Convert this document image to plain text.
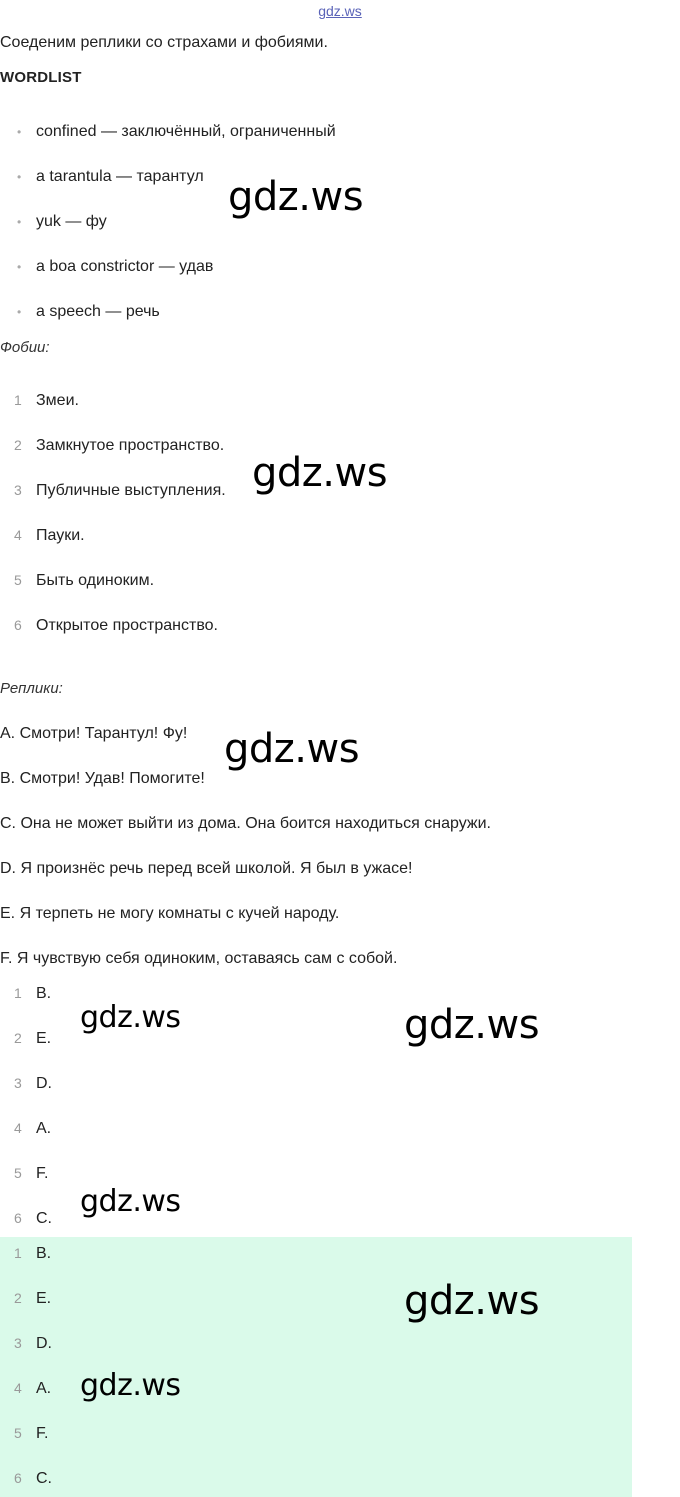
gdz.ws
Соеденим реплики со страхами и фобиями.
WORDLIST
• confined — заключённый, ограниченный
• a tarantula — тарантул
• yuk — фу
• a boa constrictor — удав
• a speech — речь
Фобии:
1 Змеи.
2 Замкнутое пространство.
3 Публичные выступления.
4 Пауки.
5 Быть одиноким.
6 Открытое пространство.
Реплики:
A. Смотри! Тарантул! Фу!
B. Смотри! Удав! Помогите!
C. Она не может выйти из дома. Она боится находиться снаружи.
D. Я произнёс речь перед всей школой. Я был в ужасе!
E. Я терпеть не могу комнаты с кучей народу.
F. Я чувствую себя одиноким, оставаясь сам с собой.
1 B.
2 E.
3 D.
4 A.
5 F.
6 C.
1 B.
2 E.
3 D.
4 A.
5 F.
6 C.
gdz.ws
gdz.ws
gdz.ws
gdz.ws	gdz.ws
gdz.ws
gdz.ws
gdz.ws
